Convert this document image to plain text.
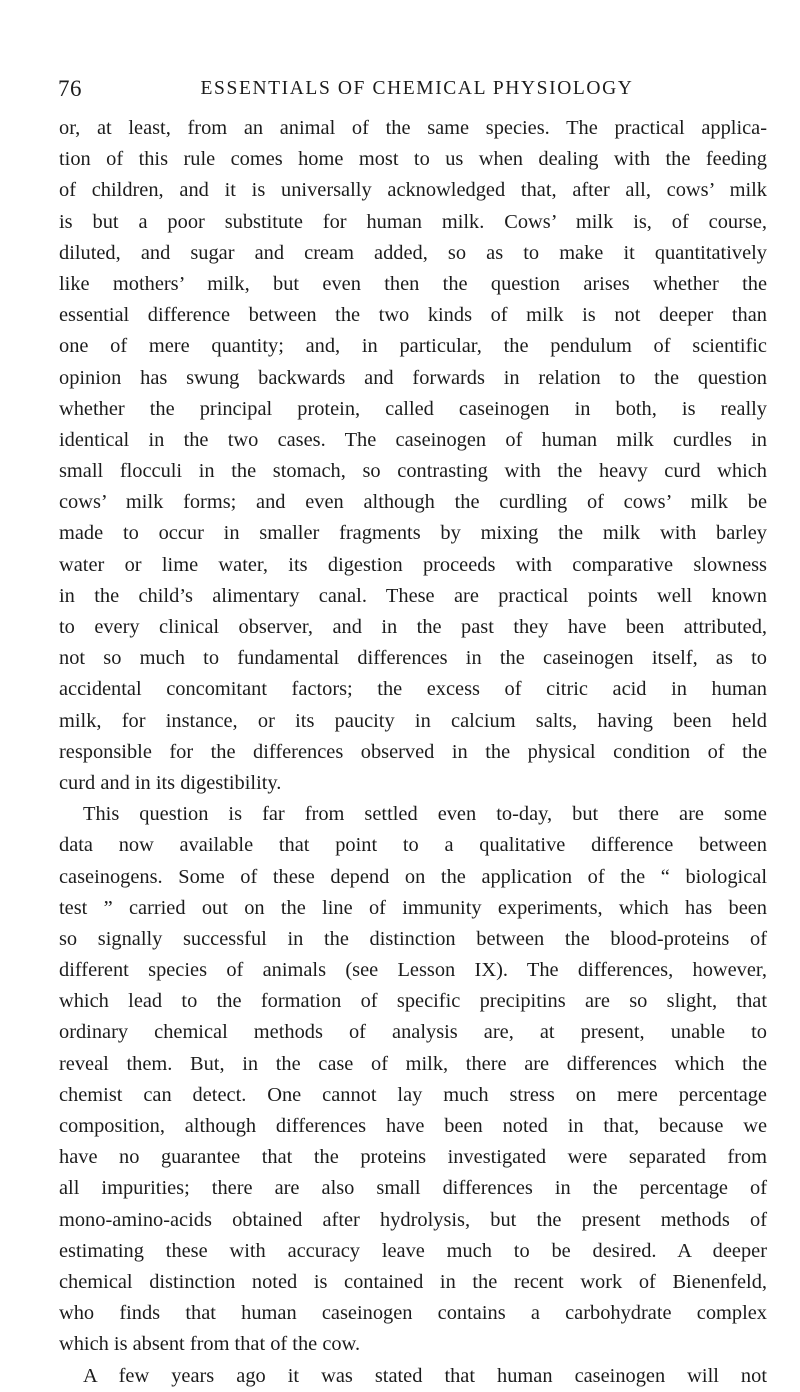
76	ESSENTIALS OF CHEMICAL PHYSIOLOGY
or, at least, from an animal of the same species. The practical applica-
tion of this rule comes home most to us when dealing with the feeding
of children, and it is universally acknowledged that, after all, cows’ milk
is but a poor substitute for human milk. Cows’ milk is, of course,
diluted, and sugar and cream added, so as to make it quantitatively
like mothers’ milk, but even then the question arises whether the
essential difference between the two kinds of milk is not deeper than
one of mere quantity; and, in particular, the pendulum of scientific
opinion has swung backwards and forwards in relation to the question
whether the principal protein, called caseinogen in both, is really
identical in the two cases. The caseinogen of human milk curdles in
small flocculi in the stomach, so contrasting with the heavy curd which
cows’ milk forms; and even although the curdling of cows’ milk be
made to occur in smaller fragments by mixing the milk with barley
water or lime water, its digestion proceeds with comparative slowness
in the child’s alimentary canal. These are practical points well known
to every clinical observer, and in the past they have been attributed,
not so much to fundamental differences in the caseinogen itself, as to
accidental concomitant factors; the excess of citric acid in human
milk, for instance, or its paucity in calcium salts, having been held
responsible for the differences observed in the physical condition of the
curd and in its digestibility.
This question is far from settled even to-day, but there are some
data now available that point to a qualitative difference between
caseinogens. Some of these depend on the application of the “ biological
test ” carried out on the line of immunity experiments, which has been
so signally successful in the distinction between the blood-proteins of
different species of animals (see Lesson IX). The differences, however,
which lead to the formation of specific precipitins are so slight, that
ordinary chemical methods of analysis are, at present, unable to
reveal them. But, in the case of milk, there are differences which the
chemist can detect. One cannot lay much stress on mere percentage
composition, although differences have been noted in that, because we
have no guarantee that the proteins investigated were separated from
all impurities; there are also small differences in the percentage of
mono-amino-acids obtained after hydrolysis, but the present methods of
estimating these with accuracy leave much to be desired. A deeper
chemical distinction noted is contained in the recent work of Bienenfeld,
who finds that human caseinogen contains a carbohydrate complex
which is absent from that of the cow.
A few years ago it was stated that human caseinogen will not
